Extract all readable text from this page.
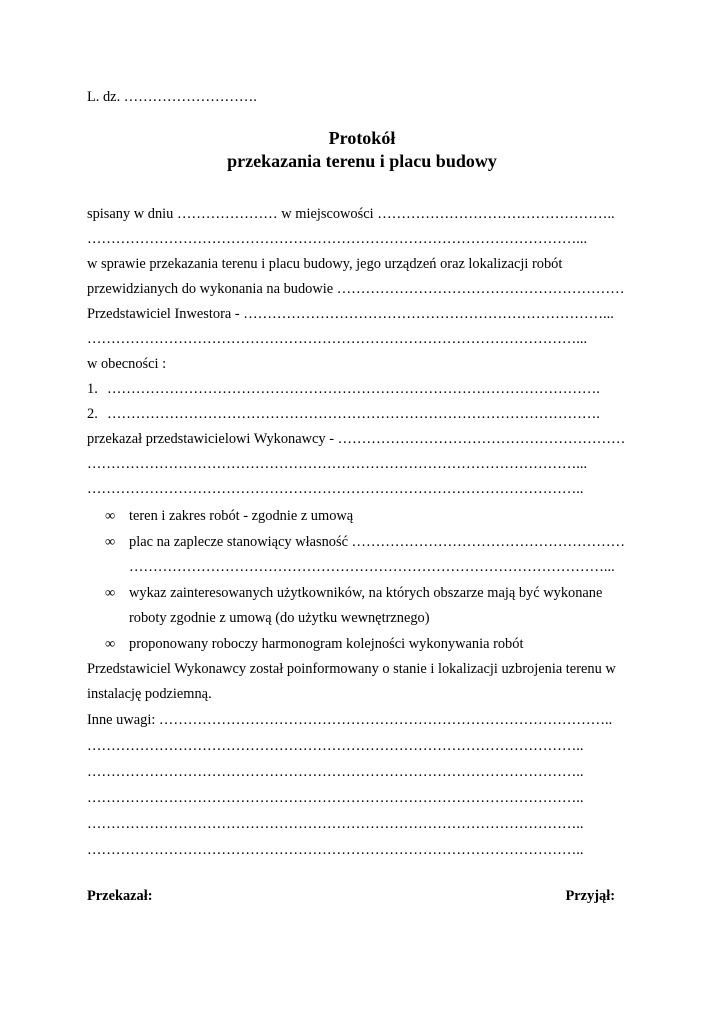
L. dz. ……………………….
Protokół
przekazania terenu i placu budowy
spisany w dniu ………………… w miejscowości …………………………………………..
…………………………………………………………………………………………...
w sprawie przekazania terenu i placu budowy, jego urządzeń oraz lokalizacji robót
przewidzianych do wykonania na budowie ……………………………………………………
Przedstawiciel Inwestora - …………………………………………………………………...
…………………………………………………………………………………………...
w obecności :
1. ………………………………………………………………………………………….
2. ………………………………………………………………………………………….
przekazał przedstawicielowi Wykonawcy - ……………………………………………………
…………………………………………………………………………………………...
…………………………………………………………………………………………..
∞ teren i zakres robót - zgodnie z umową
∞ plac na zaplecze stanowiący własność …………………………………………………
………………………………………………………………………………………...
∞ wykaz zainteresowanych użytkowników, na których obszarze mają być wykonane
roboty zgodnie z umową (do użytku wewnętrznego)
∞ proponowany roboczy harmonogram kolejności wykonywania robót
Przedstawiciel Wykonawcy został poinformowany o stanie i lokalizacji uzbrojenia terenu w
instalację podziemną.
Inne uwagi: …………………………………………………………………………………..
…………………………………………………………………………………………..
…………………………………………………………………………………………..
…………………………………………………………………………………………..
…………………………………………………………………………………………..
…………………………………………………………………………………………..
Przekazał:	Przyjął:
